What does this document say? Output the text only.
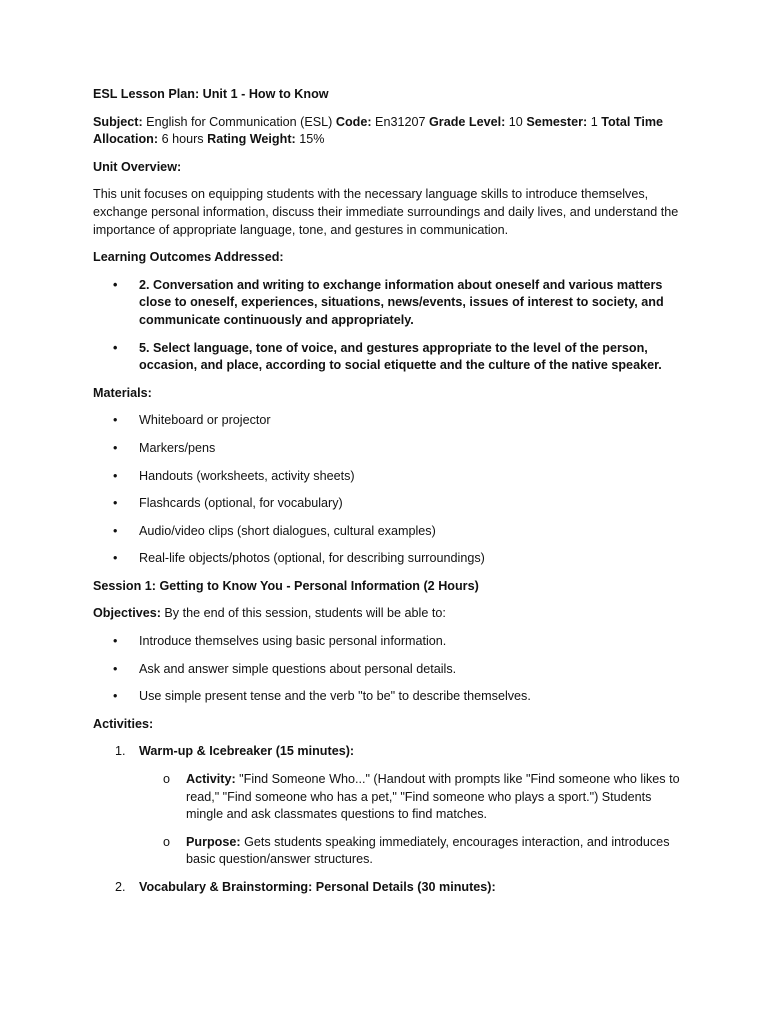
ESL Lesson Plan: Unit 1 - How to Know

Subject: English for Communication (ESL) Code: En31207 Grade Level: 10 Semester: 1 Total Time Allocation: 6 hours Rating Weight: 15%

Unit Overview:

This unit focuses on equipping students with the necessary language skills to introduce themselves, exchange personal information, discuss their immediate surroundings and daily lives, and understand the importance of appropriate language, tone, and gestures in communication.

Learning Outcomes Addressed:

• 2. Conversation and writing to exchange information about oneself and various matters close to oneself, experiences, situations, news/events, issues of interest to society, and communicate continuously and appropriately.
• 5. Select language, tone of voice, and gestures appropriate to the level of the person, occasion, and place, according to social etiquette and the culture of the native speaker.

Materials:

• Whiteboard or projector
• Markers/pens
• Handouts (worksheets, activity sheets)
• Flashcards (optional, for vocabulary)
• Audio/video clips (short dialogues, cultural examples)
• Real-life objects/photos (optional, for describing surroundings)

Session 1: Getting to Know You - Personal Information (2 Hours)

Objectives: By the end of this session, students will be able to:

• Introduce themselves using basic personal information.
• Ask and answer simple questions about personal details.
• Use simple present tense and the verb "to be" to describe themselves.

Activities:

1. Warm-up & Icebreaker (15 minutes):
o Activity: "Find Someone Who..." (Handout with prompts like "Find someone who likes to read," "Find someone who has a pet," "Find someone who plays a sport.") Students mingle and ask classmates questions to find matches.
o Purpose: Gets students speaking immediately, encourages interaction, and introduces basic question/answer structures.
2. Vocabulary & Brainstorming: Personal Details (30 minutes):
